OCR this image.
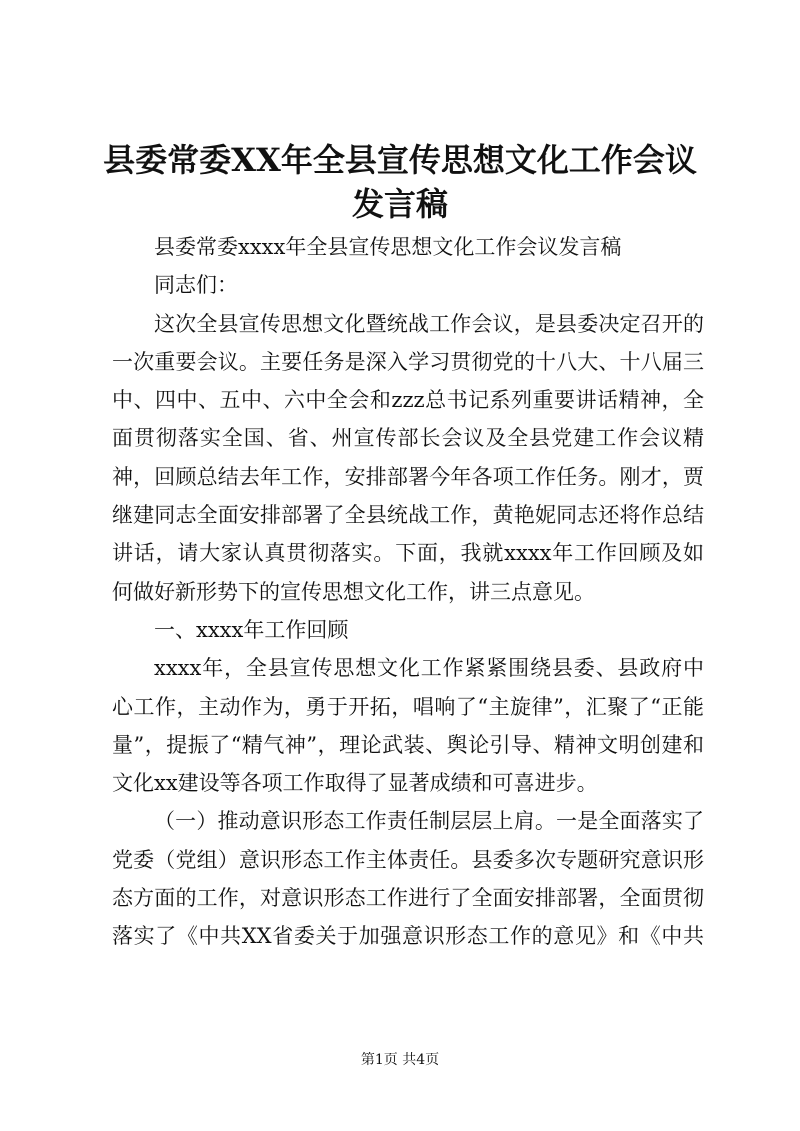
县委常委XX年全县宣传思想文化工作会议发言稿

县委常委xxxx年全县宣传思想文化工作会议发言稿

同志们：

这次全县宣传思想文化暨统战工作会议，是县委决定召开的一次重要会议。主要任务是深入学习贯彻党的十八大、十八届三中、四中、五中、六中全会和zzz总书记系列重要讲话精神，全面贯彻落实全国、省、州宣传部长会议及全县党建工作会议精神，回顾总结去年工作，安排部署今年各项工作任务。刚才，贾继建同志全面安排部署了全县统战工作，黄艳妮同志还将作总结讲话，请大家认真贯彻落实。下面，我就xxxx年工作回顾及如何做好新形势下的宣传思想文化工作，讲三点意见。

一、xxxx年工作回顾

xxxx年，全县宣传思想文化工作紧紧围绕县委、县政府中心工作，主动作为，勇于开拓，唱响了“主旋律”，汇聚了“正能量”，提振了“精气神”，理论武装、舆论引导、精神文明创建和文化xx建设等各项工作取得了显著成绩和可喜进步。

（一）推动意识形态工作责任制层层上肩。一是全面落实了党委（党组）意识形态工作主体责任。县委多次专题研究意识形态方面的工作，对意识形态工作进行了全面安排部署，全面贯彻落实了《中共XX省委关于加强意识形态工作的意见》和《中共

第1页 共4页
